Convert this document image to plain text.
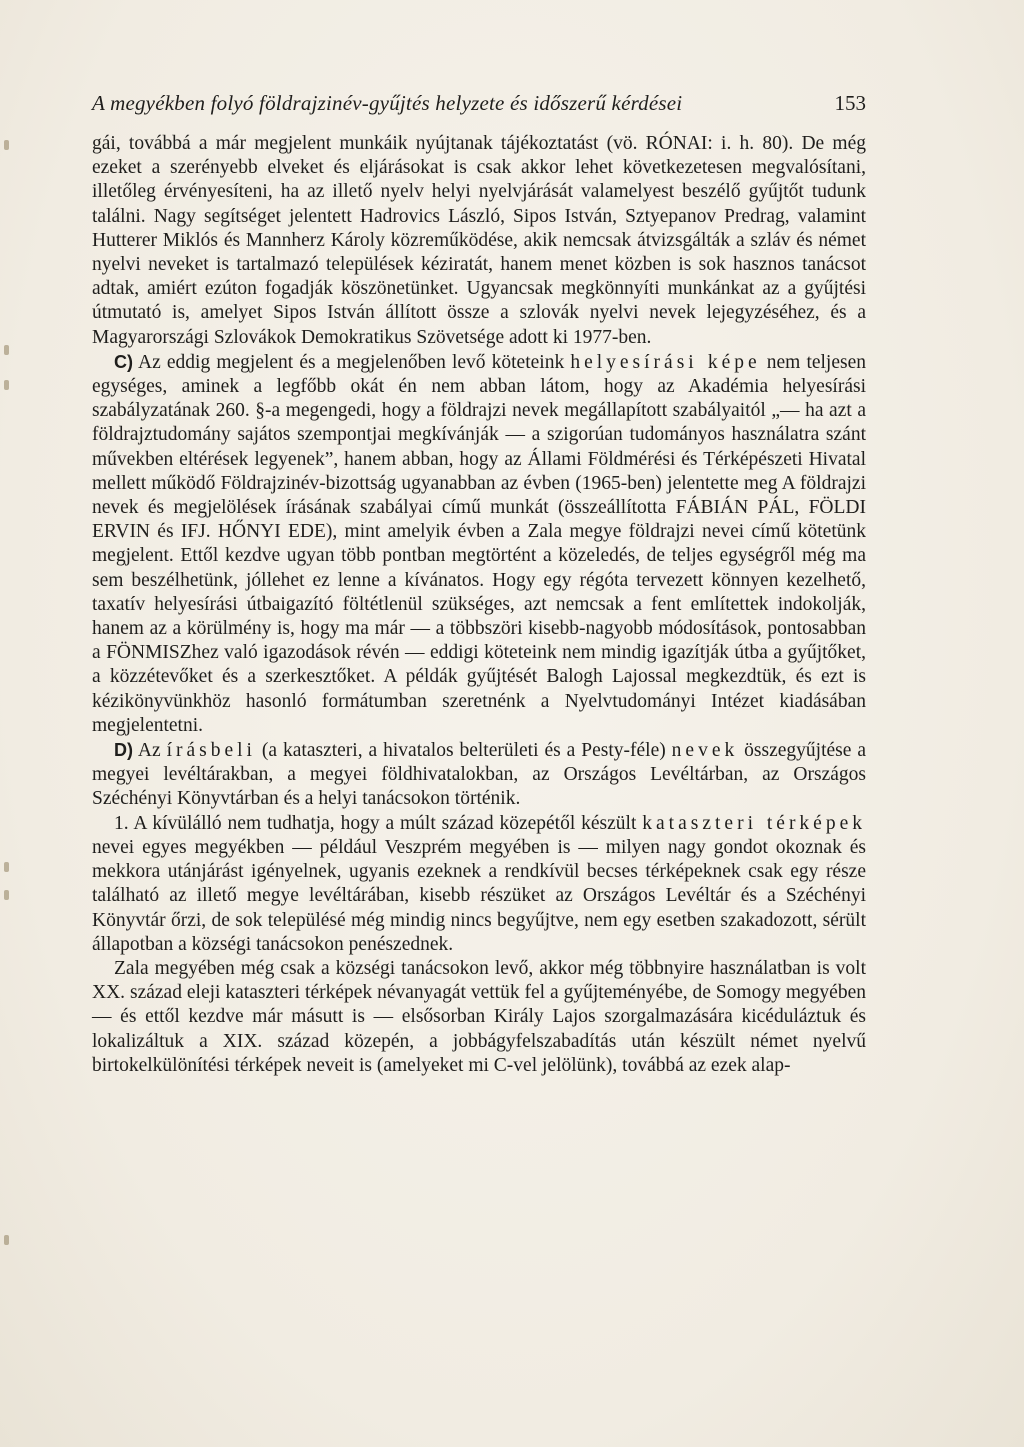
A megyékben folyó földrajzinév-gyűjtés helyzete és időszerű kérdései	153

gái, továbbá a már megjelent munkáik nyújtanak tájékoztatást (vö. RÓNAI: i. h. 80). De még ezeket a szerényebb elveket és eljárásokat is csak akkor lehet következetesen megvalósítani, illetőleg érvényesíteni, ha az illető nyelv helyi nyelvjárását valamelyest beszélő gyűjtőt tudunk találni. Nagy segítséget jelentett Hadrovics László, Sipos István, Sztyepanov Predrag, valamint Hutterer Miklós és Mannherz Károly közreműködése, akik nemcsak átvizsgálták a szláv és német nyelvi neveket is tartalmazó települések kéziratát, hanem menet közben is sok hasznos tanácsot adtak, amiért ezúton fogadják köszönetünket. Ugyancsak megkönnyíti munkánkat az a gyűjtési útmutató is, amelyet Sipos István állított össze a szlovák nyelvi nevek lejegyzéséhez, és a Magyarországi Szlovákok Demokratikus Szövetsége adott ki 1977-ben.

C) Az eddig megjelent és a megjelenőben levő köteteink helyesírási képe nem teljesen egységes, aminek a legfőbb okát én nem abban látom, hogy az Akadémia helyesírási szabályzatának 260. §-a megengedi, hogy a földrajzi nevek megállapított szabályaitól „— ha azt a földrajztudomány sajátos szempontjai megkívánják — a szigorúan tudományos használatra szánt művekben eltérések legyenek”, hanem abban, hogy az Állami Földmérési és Térképészeti Hivatal mellett működő Földrajzinév-bizottság ugyanabban az évben (1965-ben) jelentette meg A földrajzi nevek és megjelölések írásának szabályai című munkát (összeállította FÁBIÁN PÁL, FÖLDI ERVIN és IFJ. HŐNYI EDE), mint amelyik évben a Zala megye földrajzi nevei című kötetünk megjelent. Ettől kezdve ugyan több pontban megtörtént a közeledés, de teljes egységről még ma sem beszélhetünk, jóllehet ez lenne a kívánatos. Hogy egy régóta tervezett könnyen kezelhető, taxatív helyesírási útbaigazító föltétlenül szükséges, azt nemcsak a fent említettek indokolják, hanem az a körülmény is, hogy ma már — a többszöri kisebb-nagyobb módosítások, pontosabban a FÖNMISZhez való igazodások révén — eddigi köteteink nem mindig igazítják útba a gyűjtőket, a közzétevőket és a szerkesztőket. A példák gyűjtését Balogh Lajossal megkezdtük, és ezt is kézikönyvünkhöz hasonló formátumban szeretnénk a Nyelvtudományi Intézet kiadásában megjelentetni.

D) Az írásbeli (a kataszteri, a hivatalos belterületi és a Pesty-féle) nevek összegyűjtése a megyei levéltárakban, a megyei földhivatalokban, az Országos Levéltárban, az Országos Széchényi Könyvtárban és a helyi tanácsokon történik.

1. A kívülálló nem tudhatja, hogy a múlt század közepétől készült kataszteri térképek nevei egyes megyékben — például Veszprém megyében is — milyen nagy gondot okoznak és mekkora utánjárást igényelnek, ugyanis ezeknek a rendkívül becses térképeknek csak egy része található az illető megye levéltárában, kisebb részüket az Országos Levéltár és a Széchényi Könyvtár őrzi, de sok településé még mindig nincs begyűjtve, nem egy esetben szakadozott, sérült állapotban a községi tanácsokon penészednek.

Zala megyében még csak a községi tanácsokon levő, akkor még többnyire használatban is volt XX. század eleji kataszteri térképek névanyagát vettük fel a gyűjteményébe, de Somogy megyében — és ettől kezdve már másutt is — elsősorban Király Lajos szorgalmazására kicéduláztuk és lokalizáltuk a XIX. század közepén, a jobbágyfelszabadítás után készült német nyelvű birtokelkülönítési térképek neveit is (amelyeket mi C-vel jelölünk), továbbá az ezek alap-
